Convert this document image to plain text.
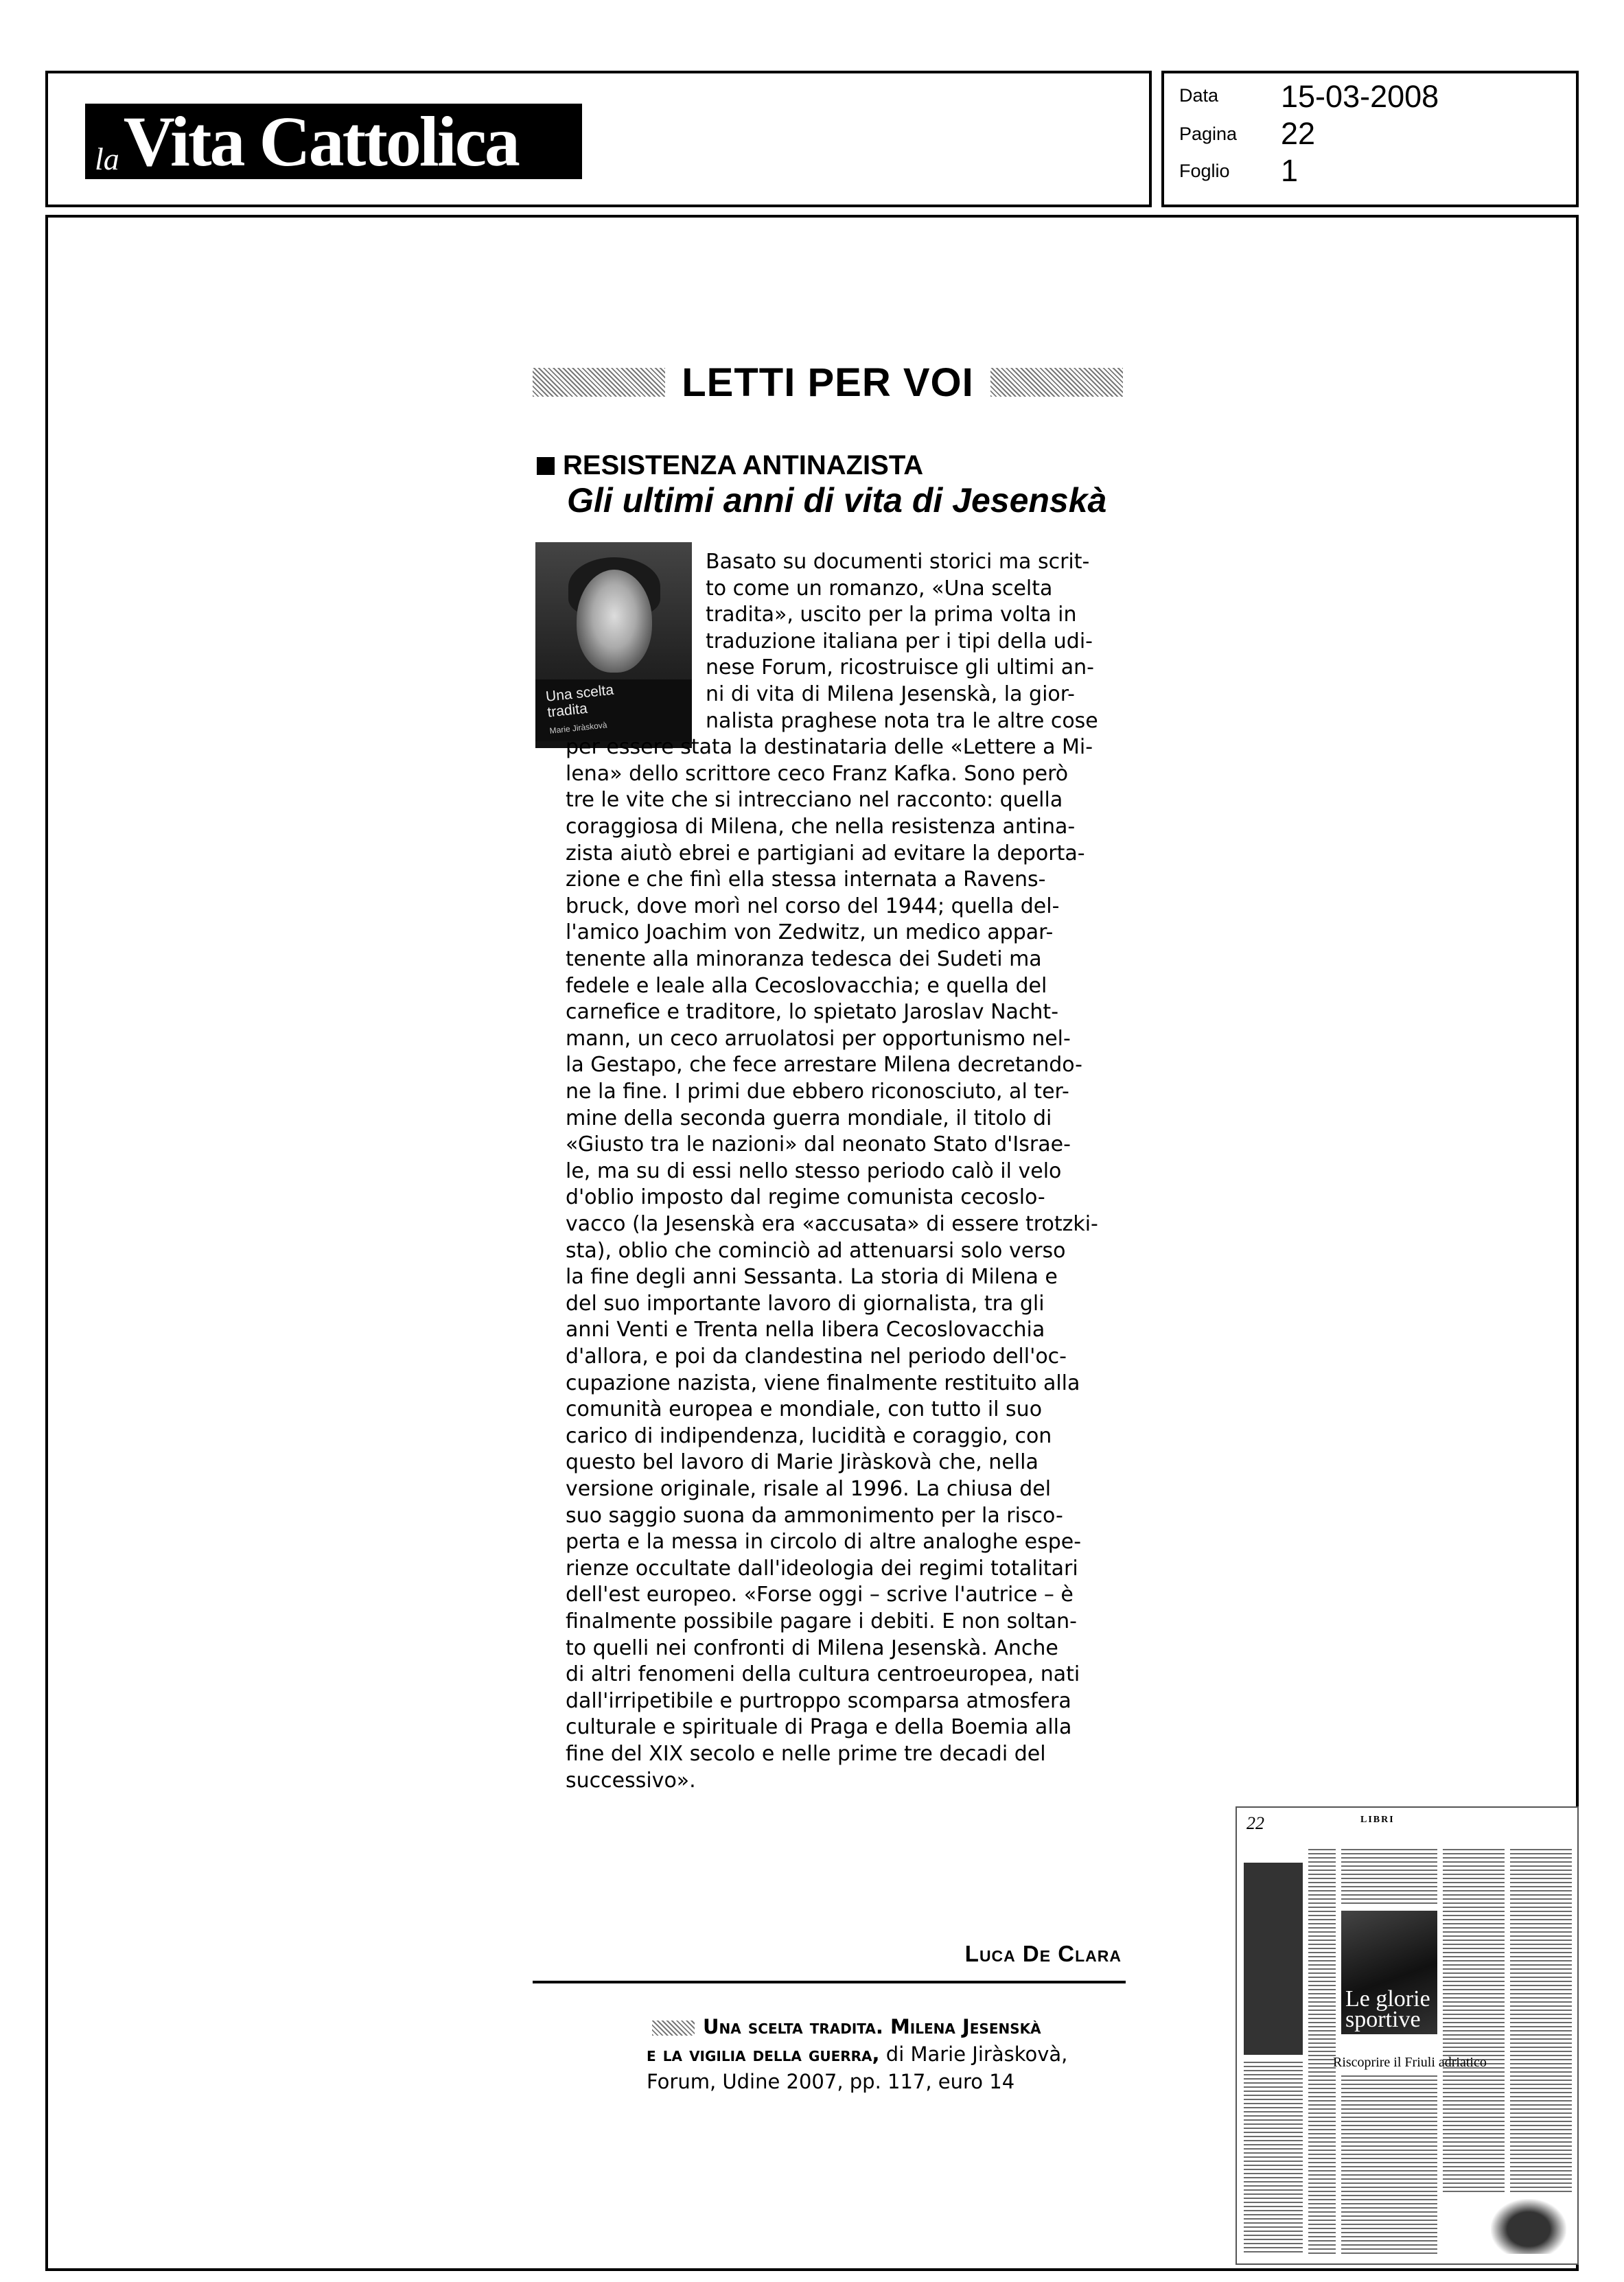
la Vita Cattolica
Data 15-03-2008
Pagina 22
Foglio 1
LETTI PER VOI
RESISTENZA ANTINAZISTA
Gli ultimi anni di vita di Jesenskà
Una scelta
tradita
Marie Jiràskovà
Basato su documenti storici ma scrit-
to come un romanzo, «Una scelta
tradita», uscito per la prima volta in
traduzione italiana per i tipi della udi-
nese Forum, ricostruisce gli ultimi an-
ni di vita di Milena Jesenskà, la gior-
nalista praghese nota tra le altre cose
per essere stata la destinataria delle «Lettere a Mi-
lena» dello scrittore ceco Franz Kafka. Sono però
tre le vite che si intrecciano nel racconto: quella
coraggiosa di Milena, che nella resistenza antina-
zista aiutò ebrei e partigiani ad evitare la deporta-
zione e che finì ella stessa internata a Ravens-
bruck, dove morì nel corso del 1944; quella del-
l'amico Joachim von Zedwitz, un medico appar-
tenente alla minoranza tedesca dei Sudeti ma
fedele e leale alla Cecoslovacchia; e quella del
carnefice e traditore, lo spietato Jaroslav Nacht-
mann, un ceco arruolatosi per opportunismo nel-
la Gestapo, che fece arrestare Milena decretando-
ne la fine. I primi due ebbero riconosciuto, al ter-
mine della seconda guerra mondiale, il titolo di
«Giusto tra le nazioni» dal neonato Stato d'Israe-
le, ma su di essi nello stesso periodo calò il velo
d'oblio imposto dal regime comunista cecoslo-
vacco (la Jesenskà era «accusata» di essere trotzki-
sta), oblio che cominciò ad attenuarsi solo verso
la fine degli anni Sessanta. La storia di Milena e
del suo importante lavoro di giornalista, tra gli
anni Venti e Trenta nella libera Cecoslovacchia
d'allora, e poi da clandestina nel periodo dell'oc-
cupazione nazista, viene finalmente restituito alla
comunità europea e mondiale, con tutto il suo
carico di indipendenza, lucidità e coraggio, con
questo bel lavoro di Marie Jiràskovà che, nella
versione originale, risale al 1996. La chiusa del
suo saggio suona da ammonimento per la risco-
perta e la messa in circolo di altre analoghe espe-
rienze occultate dall'ideologia dei regimi totalitari
dell'est europeo. «Forse oggi – scrive l'autrice – è
finalmente possibile pagare i debiti. E non soltan-
to quelli nei confronti di Milena Jesenskà. Anche
di altri fenomeni della cultura centroeuropea, nati
dall'irripetibile e purtroppo scomparsa atmosfera
culturale e spirituale di Praga e della Boemia alla
fine del XIX secolo e nelle prime tre decadi del
successivo».
Luca De Clara
Una scelta tradita. Milena Jesenskà
e la vigilia della guerra, di Marie Jiràskovà,
Forum, Udine 2007, pp. 117, euro 14
22	LIBRI
Le glorie
sportive
Riscoprire il Friuli adriatico
